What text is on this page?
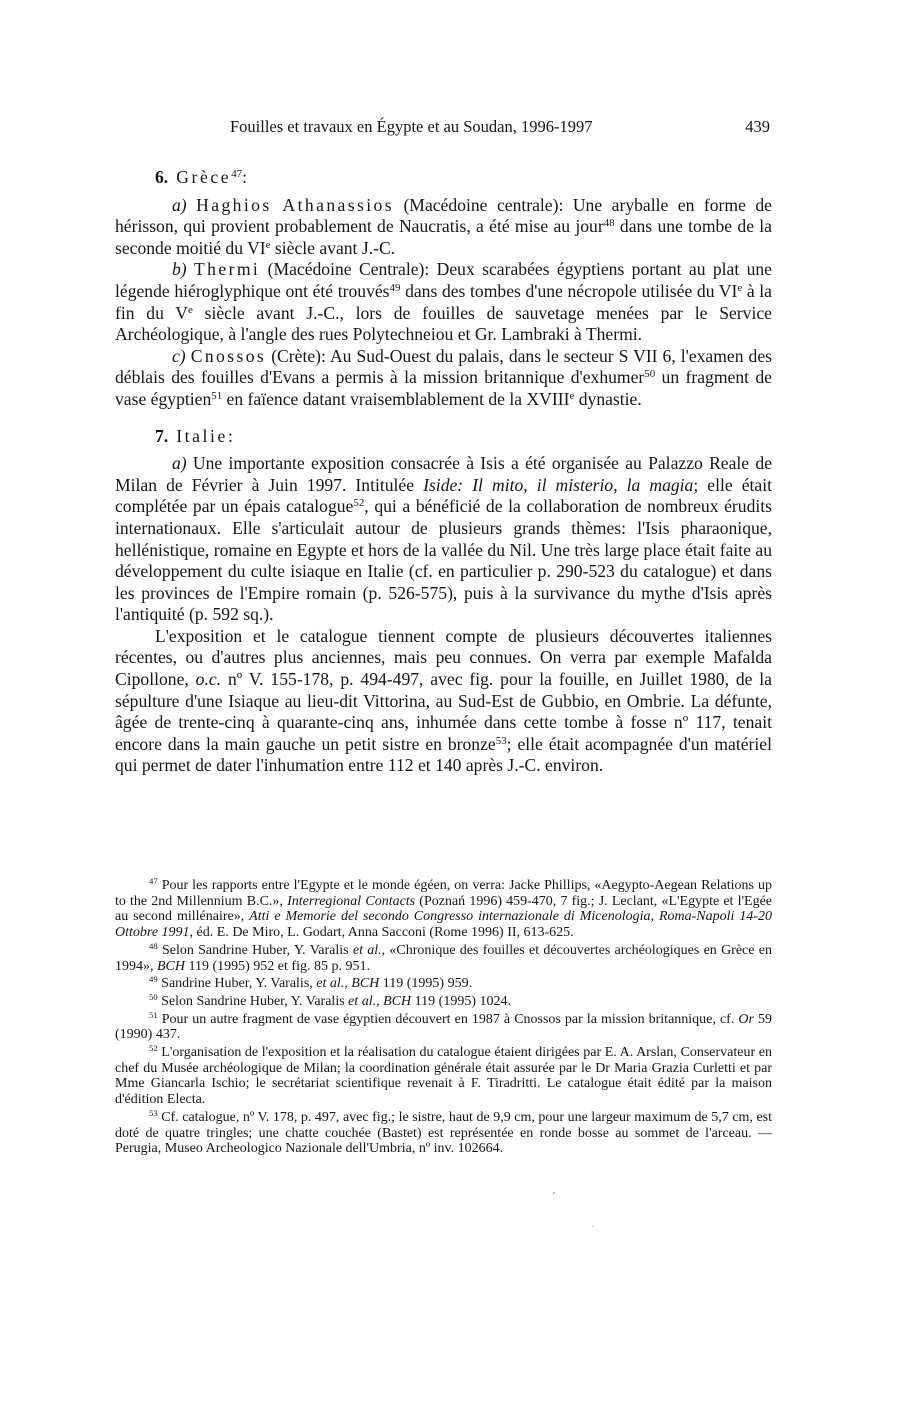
Fouilles et travaux en Égypte et au Soudan, 1996-1997	439

6. Grèce$^{47}$:

a) Haghios Athanassios (Macédoine centrale): Une aryballe en forme de hérisson, qui provient probablement de Naucratis, a été mise au jour$^{48}$ dans une tombe de la seconde moitié du VIe siècle avant J.-C.

b) Thermi (Macédoine Centrale): Deux scarabées égyptiens portant au plat une légende hiéroglyphique ont été trouvés$^{49}$ dans des tombes d'une nécropole utilisée du VIe à la fin du Ve siècle avant J.-C., lors de fouilles de sauvetage menées par le Service Archéologique, à l'angle des rues Polytechneiou et Gr. Lambraki à Thermi.

c) Cnossos (Crète): Au Sud-Ouest du palais, dans le secteur S VII 6, l'examen des déblais des fouilles d'Evans a permis à la mission britannique d'exhumer$^{50}$ un fragment de vase égyptien$^{51}$ en faïence datant vraisemblablement de la XVIIIe dynastie.

7. Italie:

a) Une importante exposition consacrée à Isis a été organisée au Palazzo Reale de Milan de Février à Juin 1997. Intitulée Iside: Il mito, il misterio, la magia; elle était complétée par un épais catalogue$^{52}$, qui a bénéficié de la collaboration de nombreux érudits internationaux. Elle s'articulait autour de plusieurs grands thèmes: l'Isis pharaonique, hellénistique, romaine en Egypte et hors de la vallée du Nil. Une très large place était faite au développement du culte isiaque en Italie (cf. en particulier p. 290-523 du catalogue) et dans les provinces de l'Empire romain (p. 526-575), puis à la survivance du mythe d'Isis après l'antiquité (p. 592 sq.).

L'exposition et le catalogue tiennent compte de plusieurs découvertes italiennes récentes, ou d'autres plus anciennes, mais peu connues. On verra par exemple Mafalda Cipollone, o.c. nº V. 155-178, p. 494-497, avec fig. pour la fouille, en Juillet 1980, de la sépulture d'une Isiaque au lieu-dit Vittorina, au Sud-Est de Gubbio, en Ombrie. La défunte, âgée de trente-cinq à quarante-cinq ans, inhumée dans cette tombe à fosse nº 117, tenait encore dans la main gauche un petit sistre en bronze$^{53}$; elle était acompagnée d'un matériel qui permet de dater l'inhumation entre 112 et 140 après J.-C. environ.

$^{47}$ Pour les rapports entre l'Egypte et le monde égéen, on verra: Jacke Phillips, «Aegypto-Aegean Relations up to the 2nd Millennium B.C.», Interregional Contacts (Poznań 1996) 459-470, 7 fig.; J. Leclant, «L'Egypte et l'Egée au second millénaire», Atti e Memorie del secondo Congresso internazionale di Micenologia, Roma-Napoli 14-20 Ottobre 1991, éd. E. De Miro, L. Godart, Anna Sacconi (Rome 1996) II, 613-625.

$^{48}$ Selon Sandrine Huber, Y. Varalis et al., «Chronique des fouilles et découvertes archéologiques en Grèce en 1994», BCH 119 (1995) 952 et fig. 85 p. 951.

$^{49}$ Sandrine Huber, Y. Varalis, et al., BCH 119 (1995) 959.

$^{50}$ Selon Sandrine Huber, Y. Varalis et al., BCH 119 (1995) 1024.

$^{51}$ Pour un autre fragment de vase égyptien découvert en 1987 à Cnossos par la mission britannique, cf. Or 59 (1990) 437.

$^{52}$ L'organisation de l'exposition et la réalisation du catalogue étaient dirigées par E. A. Arslan, Conservateur en chef du Musée archéologique de Milan; la coordination générale était assurée par le Dr Maria Grazia Curletti et par Mme Giancarla Ischio; le secrétariat scientifique revenait à F. Tiradritti. Le catalogue était édité par la maison d'édition Electa.

$^{53}$ Cf. catalogue, nº V. 178, p. 497, avec fig.; le sistre, haut de 9,9 cm, pour une largeur maximum de 5,7 cm, est doté de quatre tringles; une chatte couchée (Bastet) est représentée en ronde bosse au sommet de l'arceau. — Perugia, Museo Archeologico Nazionale dell'Umbria, nº inv. 102664.
